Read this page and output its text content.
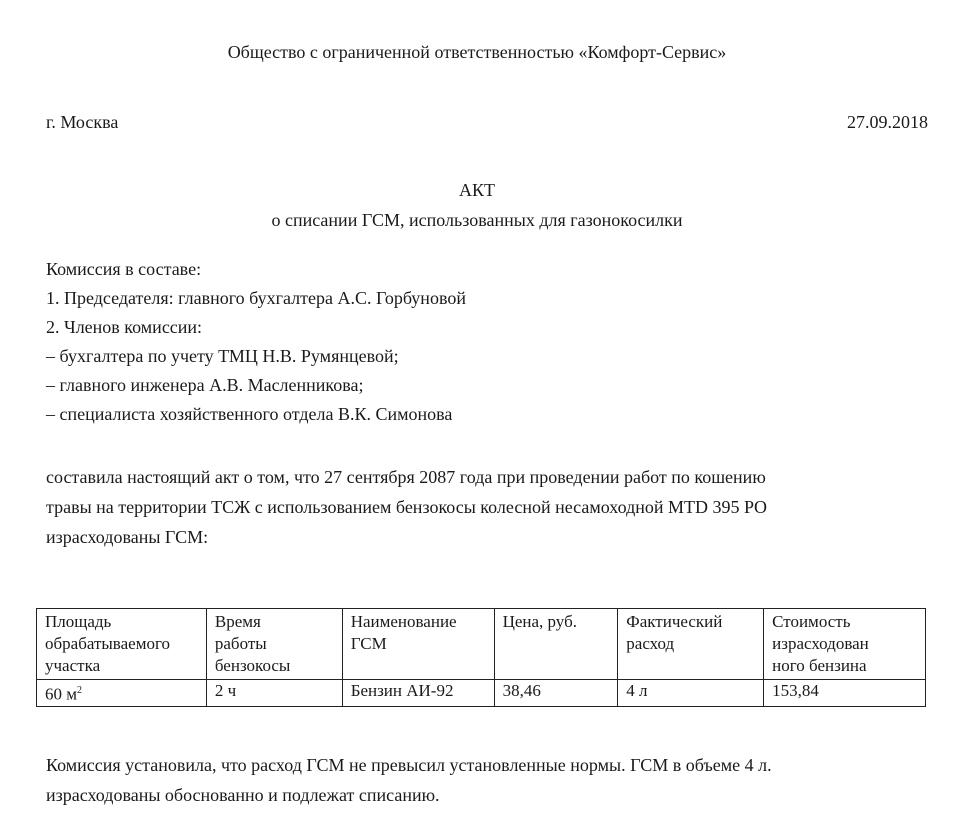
Общество с ограниченной ответственностью «Комфорт-Сервис»
г. Москва	27.09.2018
АКТ
о списании ГСМ, использованных для газонокосилки
Комиссия в составе:
1. Председателя: главного бухгалтера А.С. Горбуновой
2. Членов комиссии:
– бухгалтера по учету ТМЦ Н.В. Румянцевой;
– главного инженера А.В. Масленникова;
– специалиста хозяйственного отдела В.К. Симонова
составила настоящий акт о том, что 27 сентября 2087 года при проведении работ по кошению
травы на территории ТСЖ с использованием бензокосы колесной несамоходной MTD 395 PO
израсходованы ГСМ:
Площадь
обрабатываемого
участка	Время
работы
бензокосы	Наименование
ГСМ	Цена, руб.	Фактический
расход	Стоимость
израсходован
ного бензина
60 $м^2$	2 ч	Бензин АИ-92	38,46	4 л	153,84
Комиссия установила, что расход ГСМ не превысил установленные нормы. ГСМ в объеме 4 л.
израсходованы обоснованно и подлежат списанию.
